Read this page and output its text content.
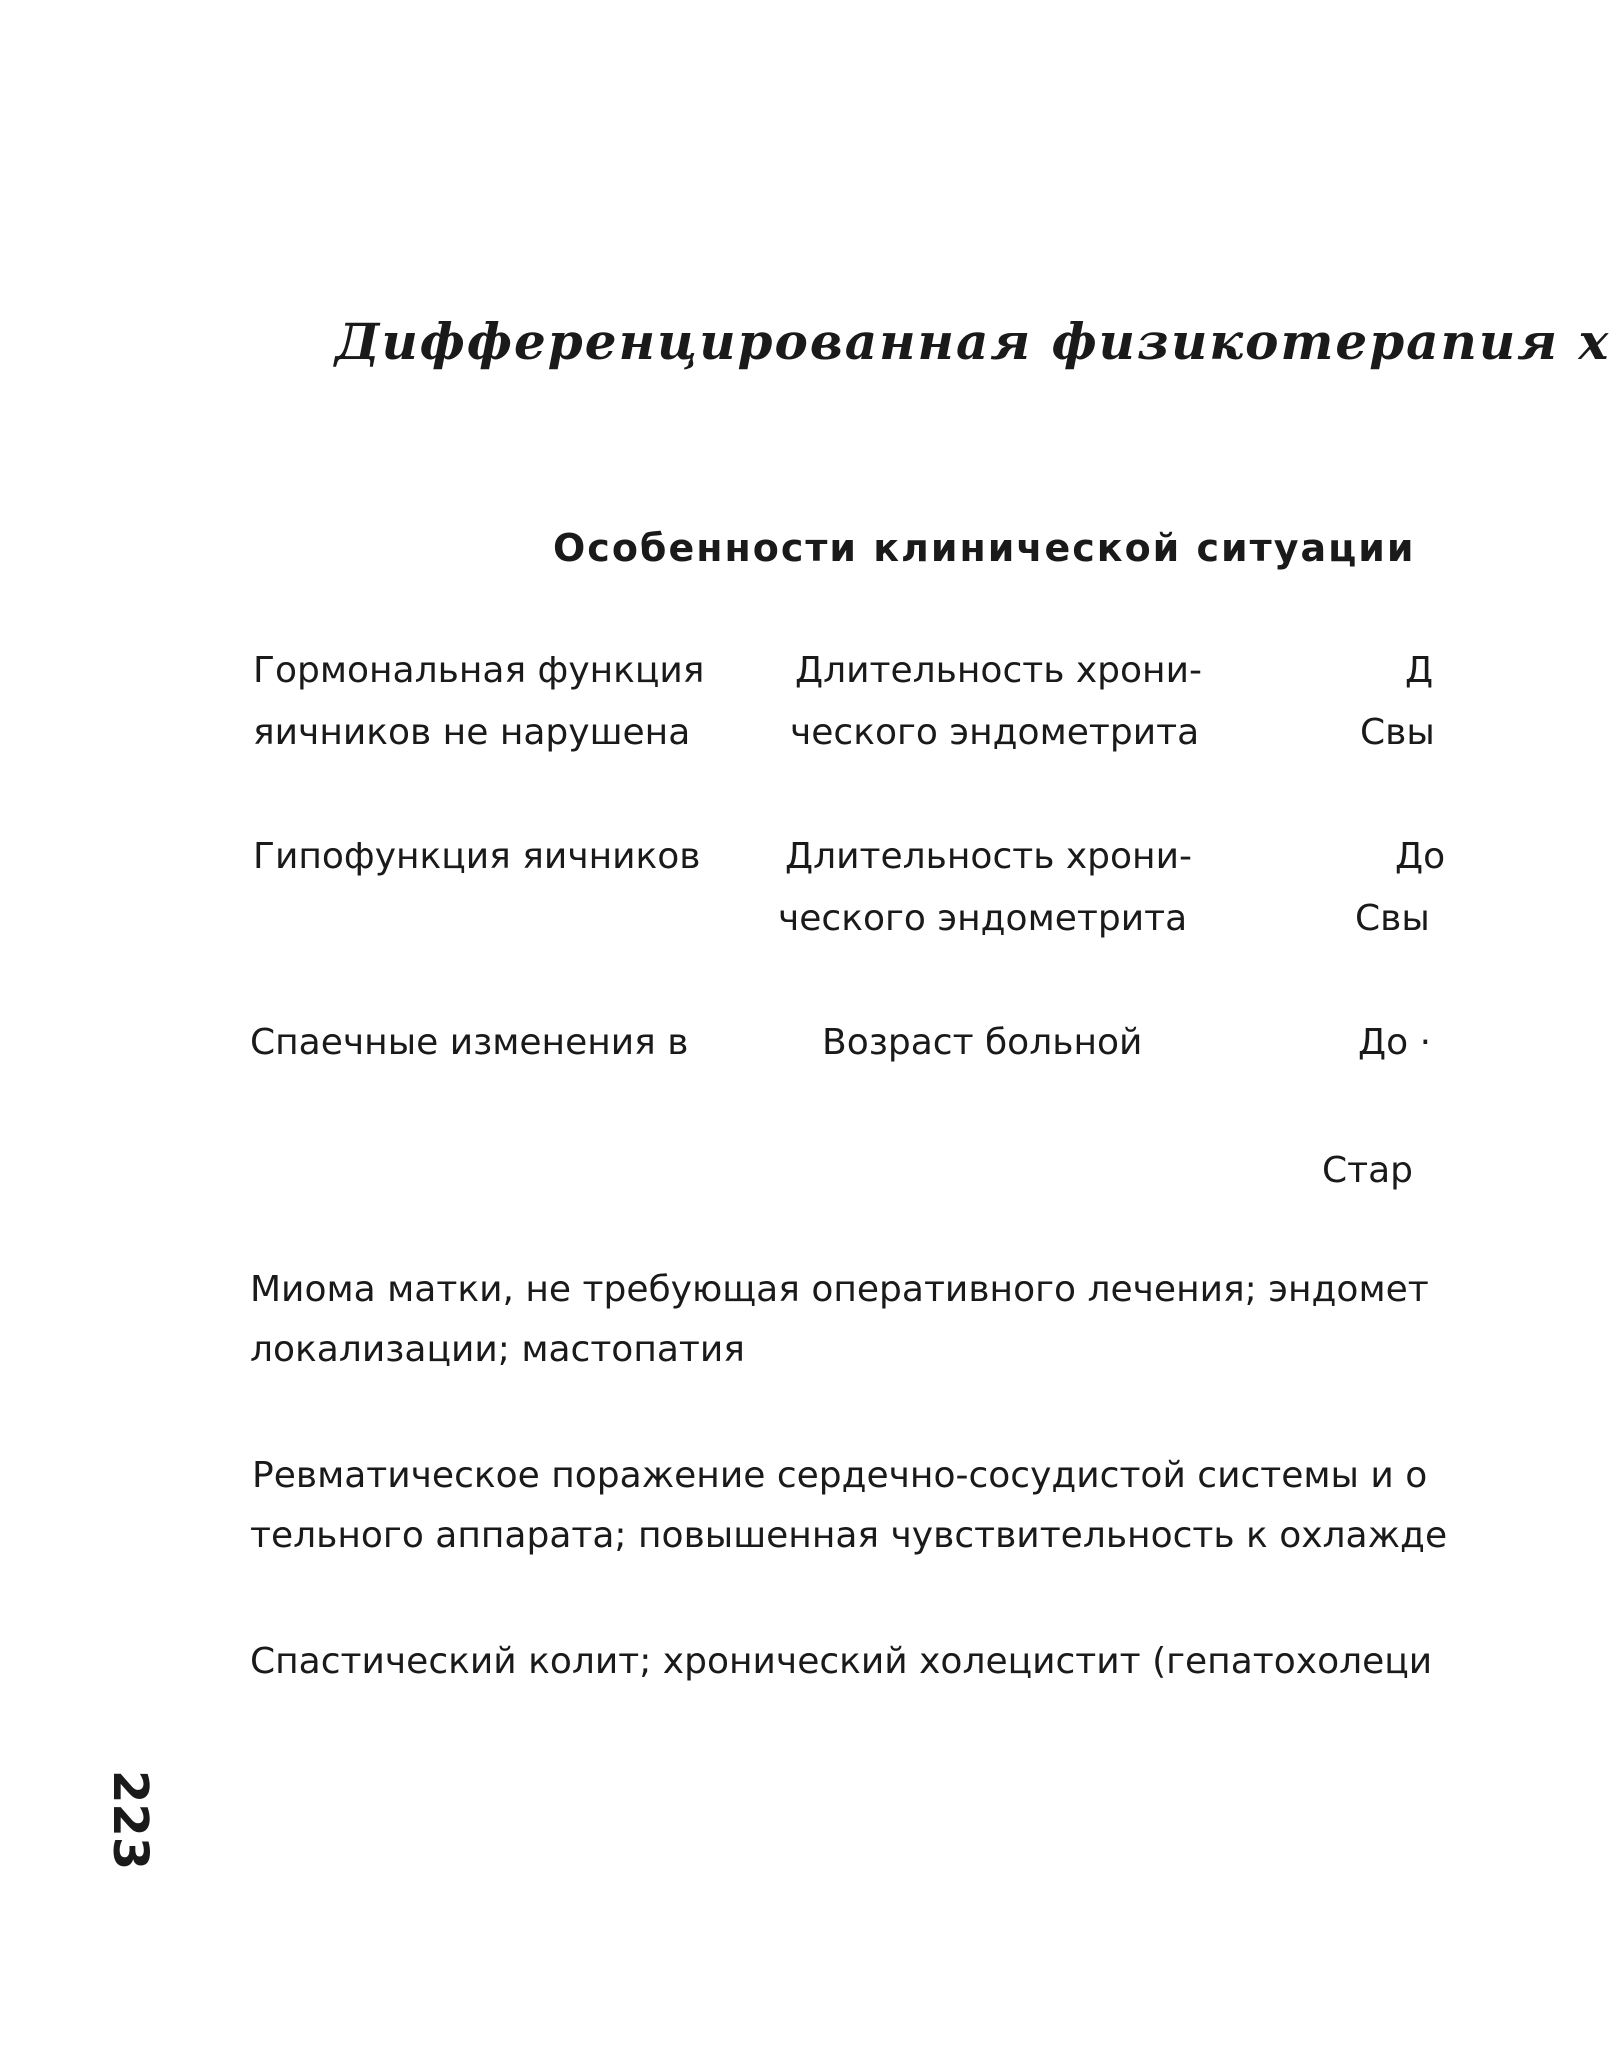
Дифференцированная физикотерапия х
Особенности клинической ситуации
Гормональная функция
яичников не нарушена
Длительность хрони-
ческого эндометрита
Д
Свы
Гипофункция яичников Длительность хрони-
ческого эндометрита
До
Свы
Спаечные изменения в	Возраст больной	До ·
Стар
Миома матки, не требующая оперативного лечения; эндомет
локализации; мастопатия
Ревматическое поражение сердечно-сосудистой системы и о
тельного аппарата; повышенная чувствительность к охлажде
Спастический колит; хронический холецистит (гепатохолеци
223
